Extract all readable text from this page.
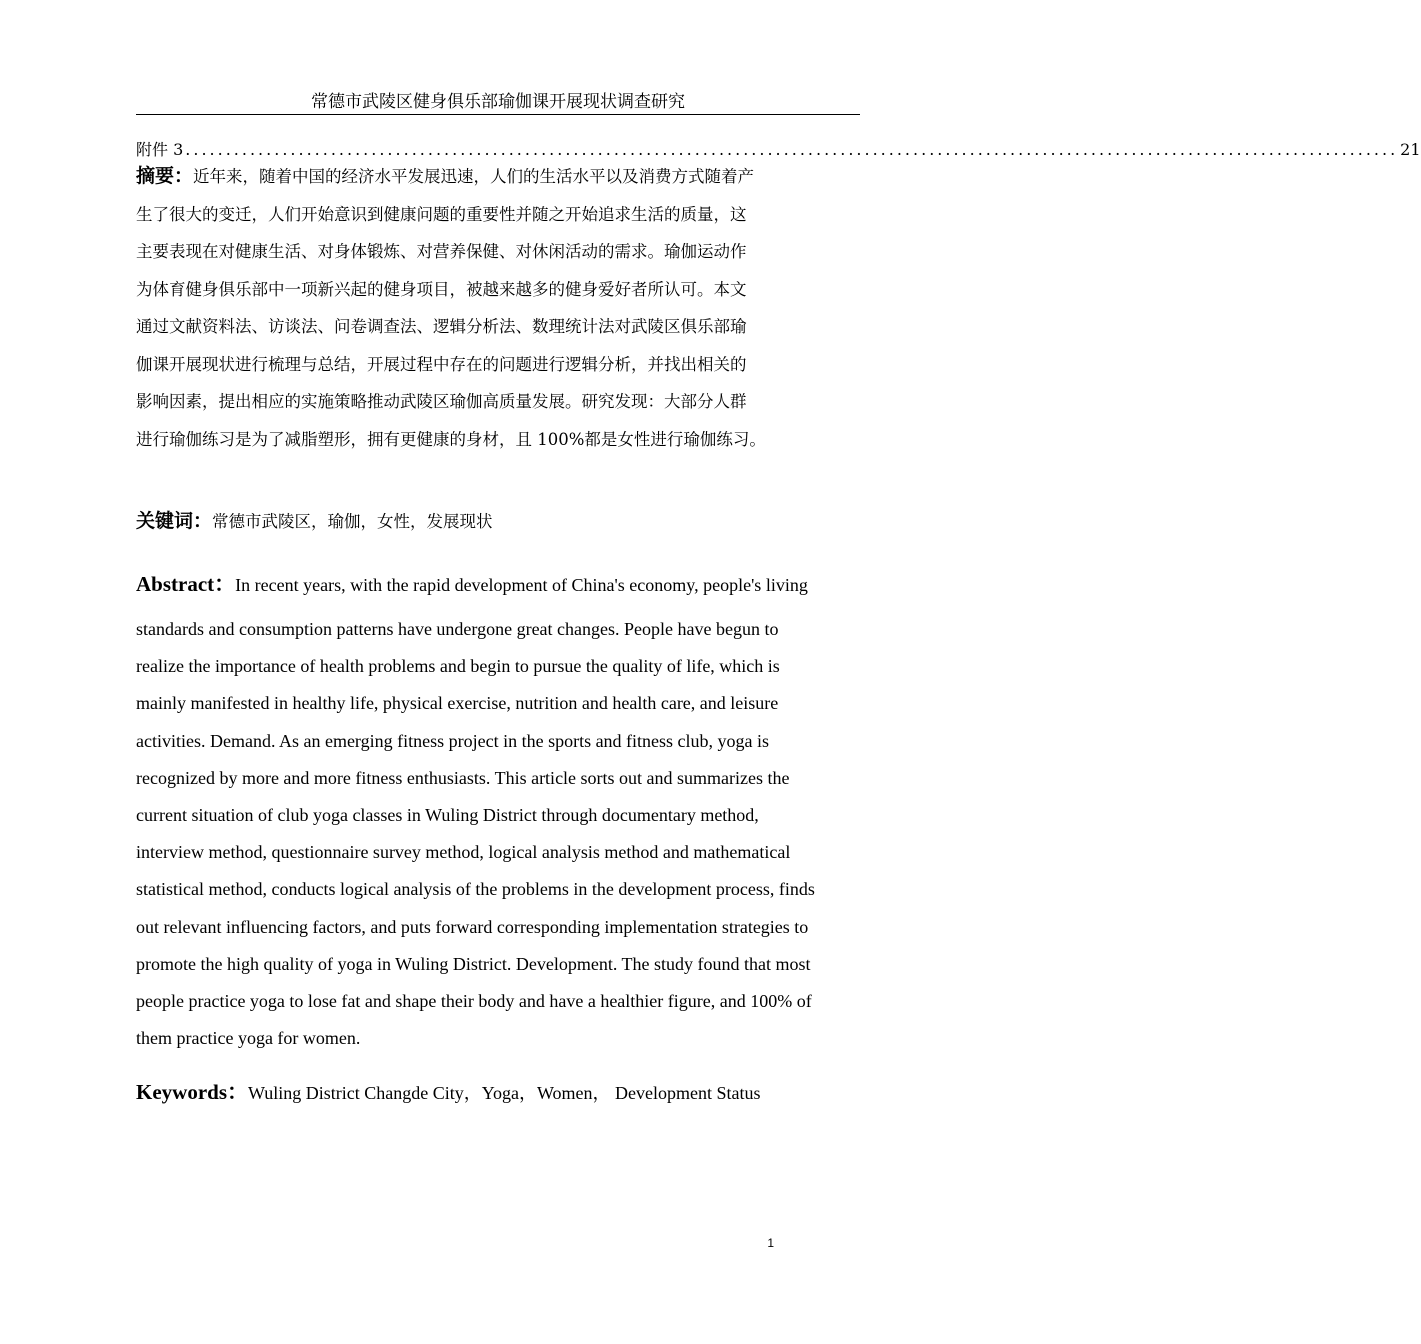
常德市武陵区健身俱乐部瑜伽课开展现状调查研究
附件 3 ...................................................................................................................................................... 21
摘要：近年来，随着中国的经济水平发展迅速，人们的生活水平以及消费方式随着产
生了很大的变迁，人们开始意识到健康问题的重要性并随之开始追求生活的质量，这
主要表现在对健康生活、对身体锻炼、对营养保健、对休闲活动的需求。瑜伽运动作
为体育健身俱乐部中一项新兴起的健身项目，被越来越多的健身爱好者所认可。本文
通过文献资料法、访谈法、问卷调查法、逻辑分析法、数理统计法对武陵区俱乐部瑜
伽课开展现状进行梳理与总结，开展过程中存在的问题进行逻辑分析，并找出相关的
影响因素，提出相应的实施策略推动武陵区瑜伽高质量发展。研究发现：大部分人群
进行瑜伽练习是为了减脂塑形，拥有更健康的身材，且 100%都是女性进行瑜伽练习。

关键词：常德市武陵区，瑜伽，女性，发展现状

Abstract：In recent years, with the rapid development of China's economy, people's living
standards and consumption patterns have undergone great changes. People have begun to
realize the importance of health problems and begin to pursue the quality of life, which is
mainly manifested in healthy life, physical exercise, nutrition and health care, and leisure
activities. Demand. As an emerging fitness project in the sports and fitness club, yoga is
recognized by more and more fitness enthusiasts. This article sorts out and summarizes the
current situation of club yoga classes in Wuling District through documentary method,
interview method, questionnaire survey method, logical analysis method and mathematical
statistical method, conducts logical analysis of the problems in the development process, finds
out relevant influencing factors, and puts forward corresponding implementation strategies to
promote the high quality of yoga in Wuling District. Development. The study found that most
people practice yoga to lose fat and shape their body and have a healthier figure, and 100% of
them practice yoga for women.

Keywords：Wuling District Changde City，Yoga，Women， Development Status

1
